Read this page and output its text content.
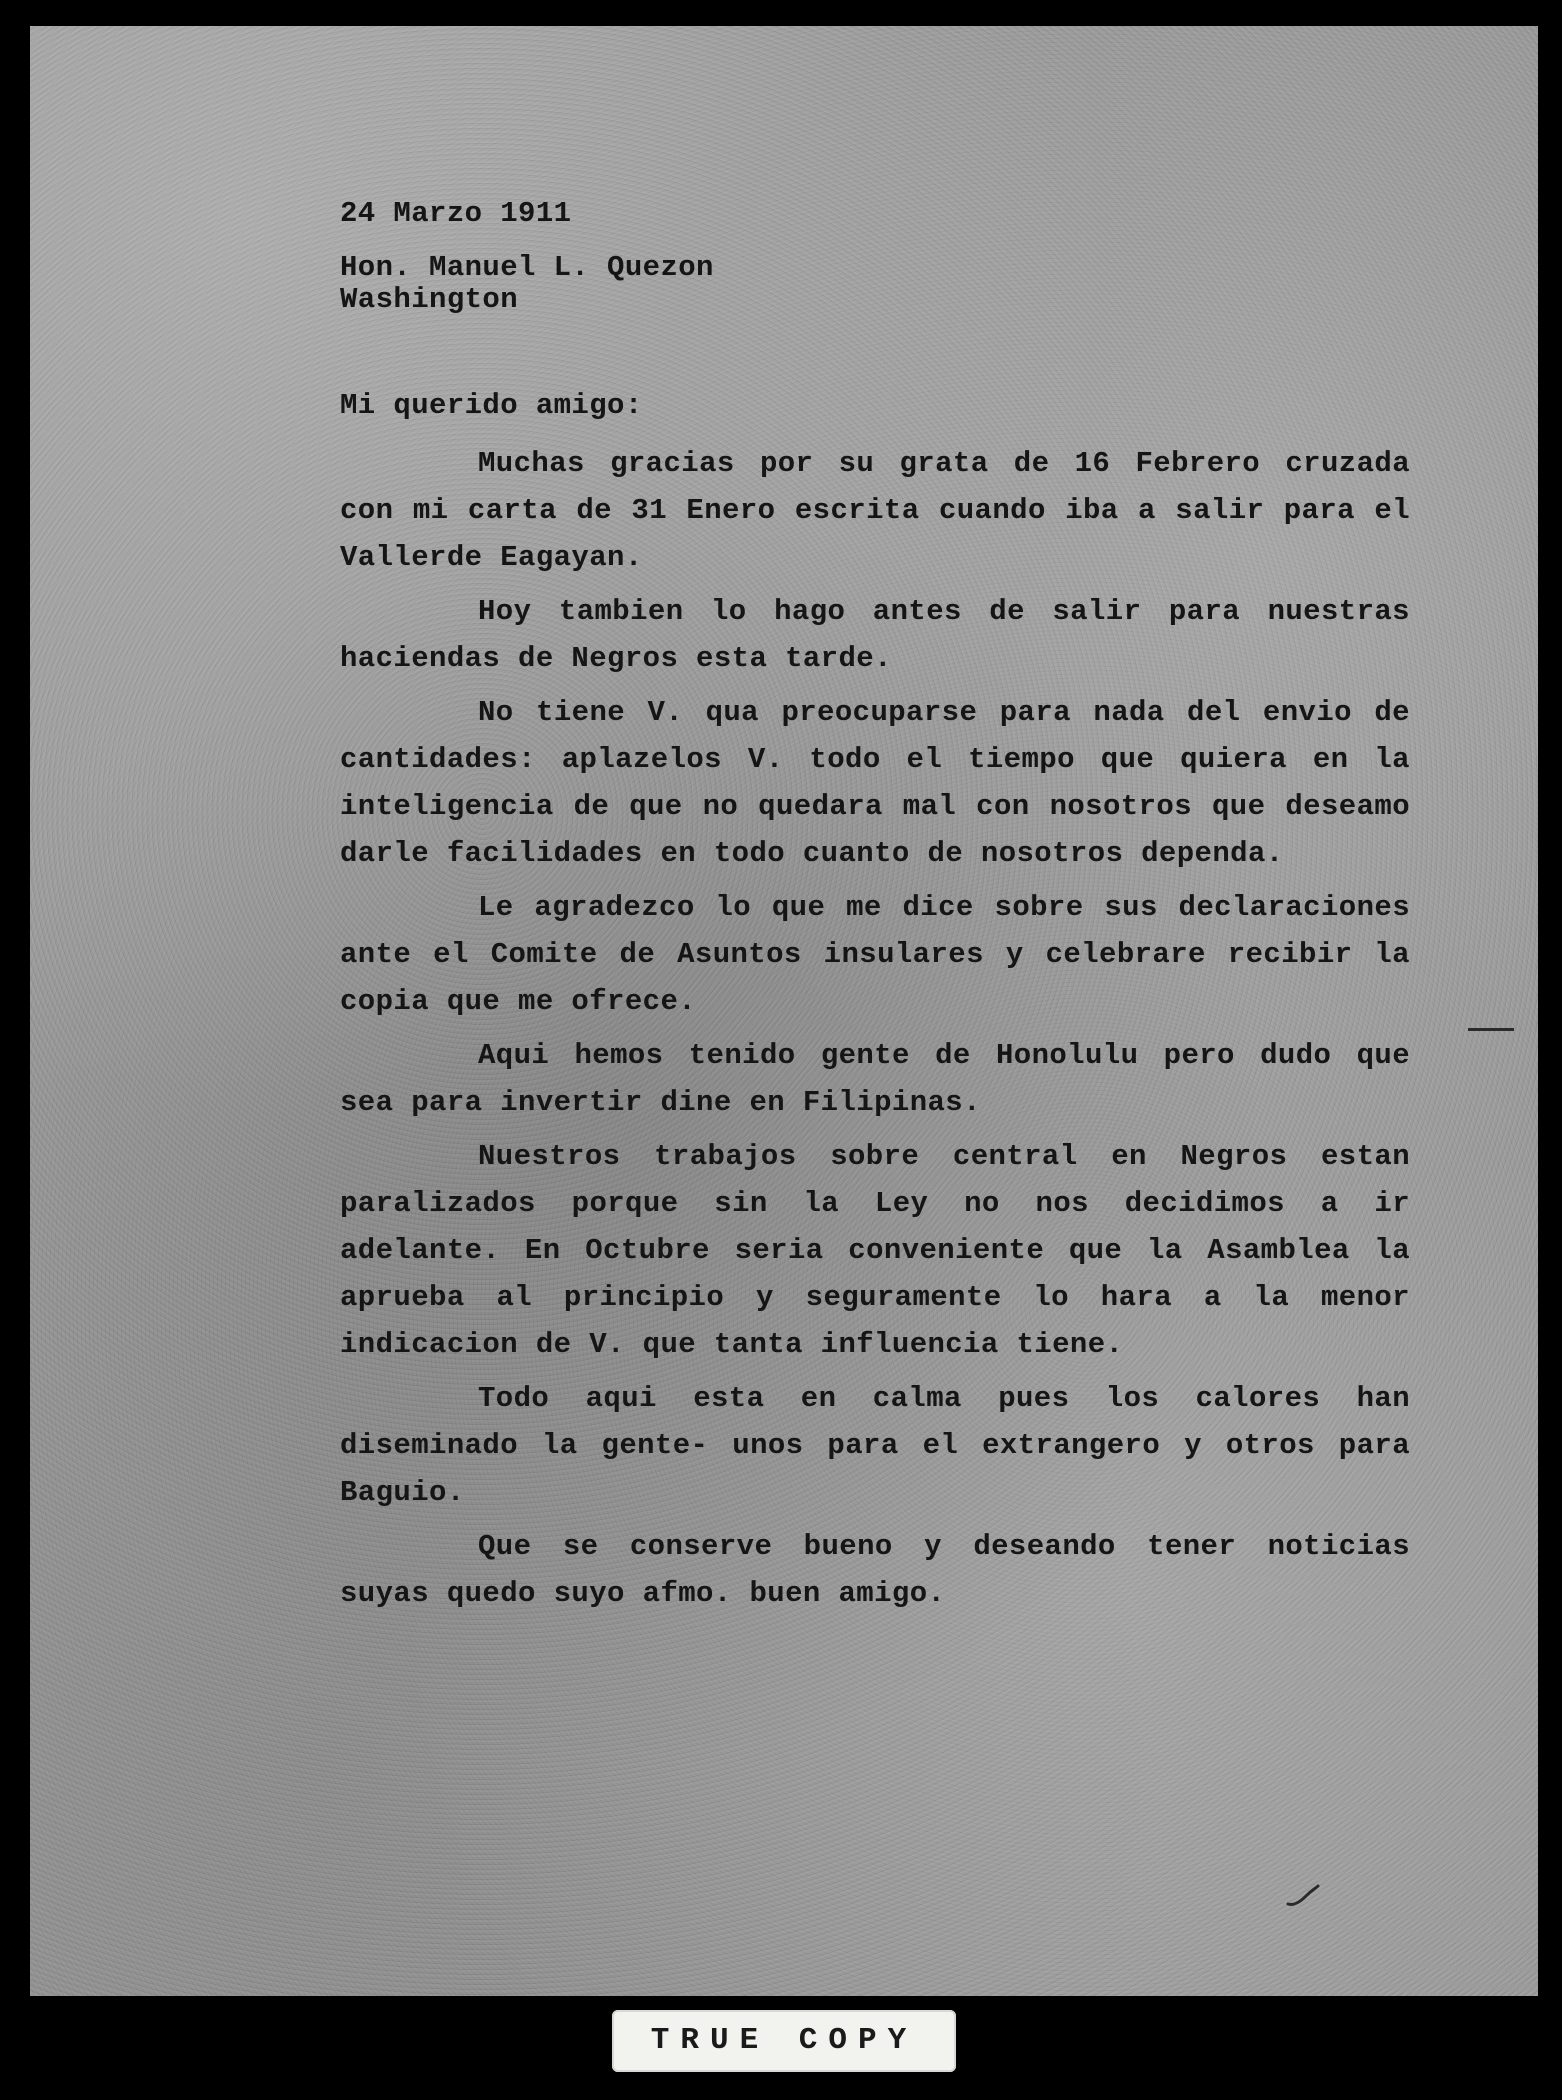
24 Marzo 1911
Hon. Manuel L. Quezon
Washington
Mi querido amigo:

Muchas gracias por su grata de 16 Febrero cruzada con mi carta de 31 Enero escrita cuando iba a salir para el Vallerde Eagayan.

Hoy tambien lo hago antes de salir para nuestras haciendas de Negros esta tarde.

No tiene V. qua preocuparse para nada del envio de cantidades: aplazelos V. todo el tiempo que quiera en la inteligencia de que no quedara mal con nosotros que deseamo darle facilidades en todo cuanto de nosotros dependa.

Le agradezco lo que me dice sobre sus declaraciones ante el Comite de Asuntos insulares y celebrare recibir la copia que me ofrece.

Aqui hemos tenido gente de Honolulu pero dudo que sea para invertir dine en Filipinas.

Nuestros trabajos sobre central en Negros estan paralizados porque sin la Ley no nos decidimos a ir adelante. En Octubre seria conveniente que la Asamblea la aprueba al principio y seguramente lo hara a la menor indicacion de V. que tanta influencia tiene.

Todo aqui esta en calma pues los calores han diseminado la gente- unos para el extrangero y otros para Baguio.

Que se conserve bueno y deseando tener noticias suyas quedo suyo afmo. buen amigo.

TRUE COPY
